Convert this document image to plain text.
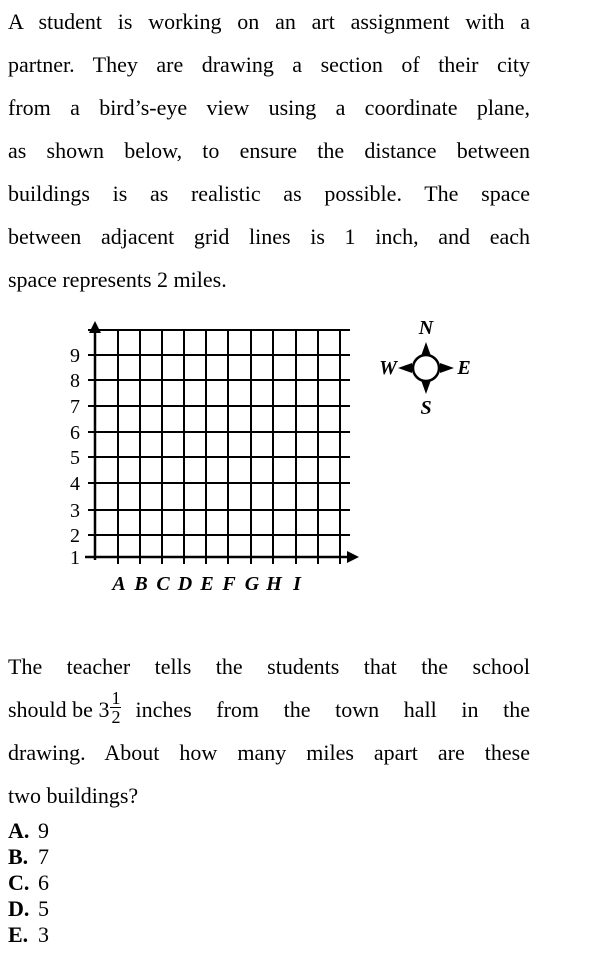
A student is working on an art assignment with a
partner. They are drawing a section of their city
from a bird’s-eye view using a coordinate plane,
as shown below, to ensure the distance between
buildings is as realistic as possible. The space
between adjacent grid lines is 1 inch, and each
space represents 2 miles.
1
2
3
4
5
6
7
8
9
A B C D E F G H I
N
S
W	E
The teacher tells the students that the school
should be $3 \frac{1}{2}$ inches from the town hall in the
drawing. About how many miles apart are these
two buildings?
A. 9
B. 7
C. 6
D. 5
E. 3
